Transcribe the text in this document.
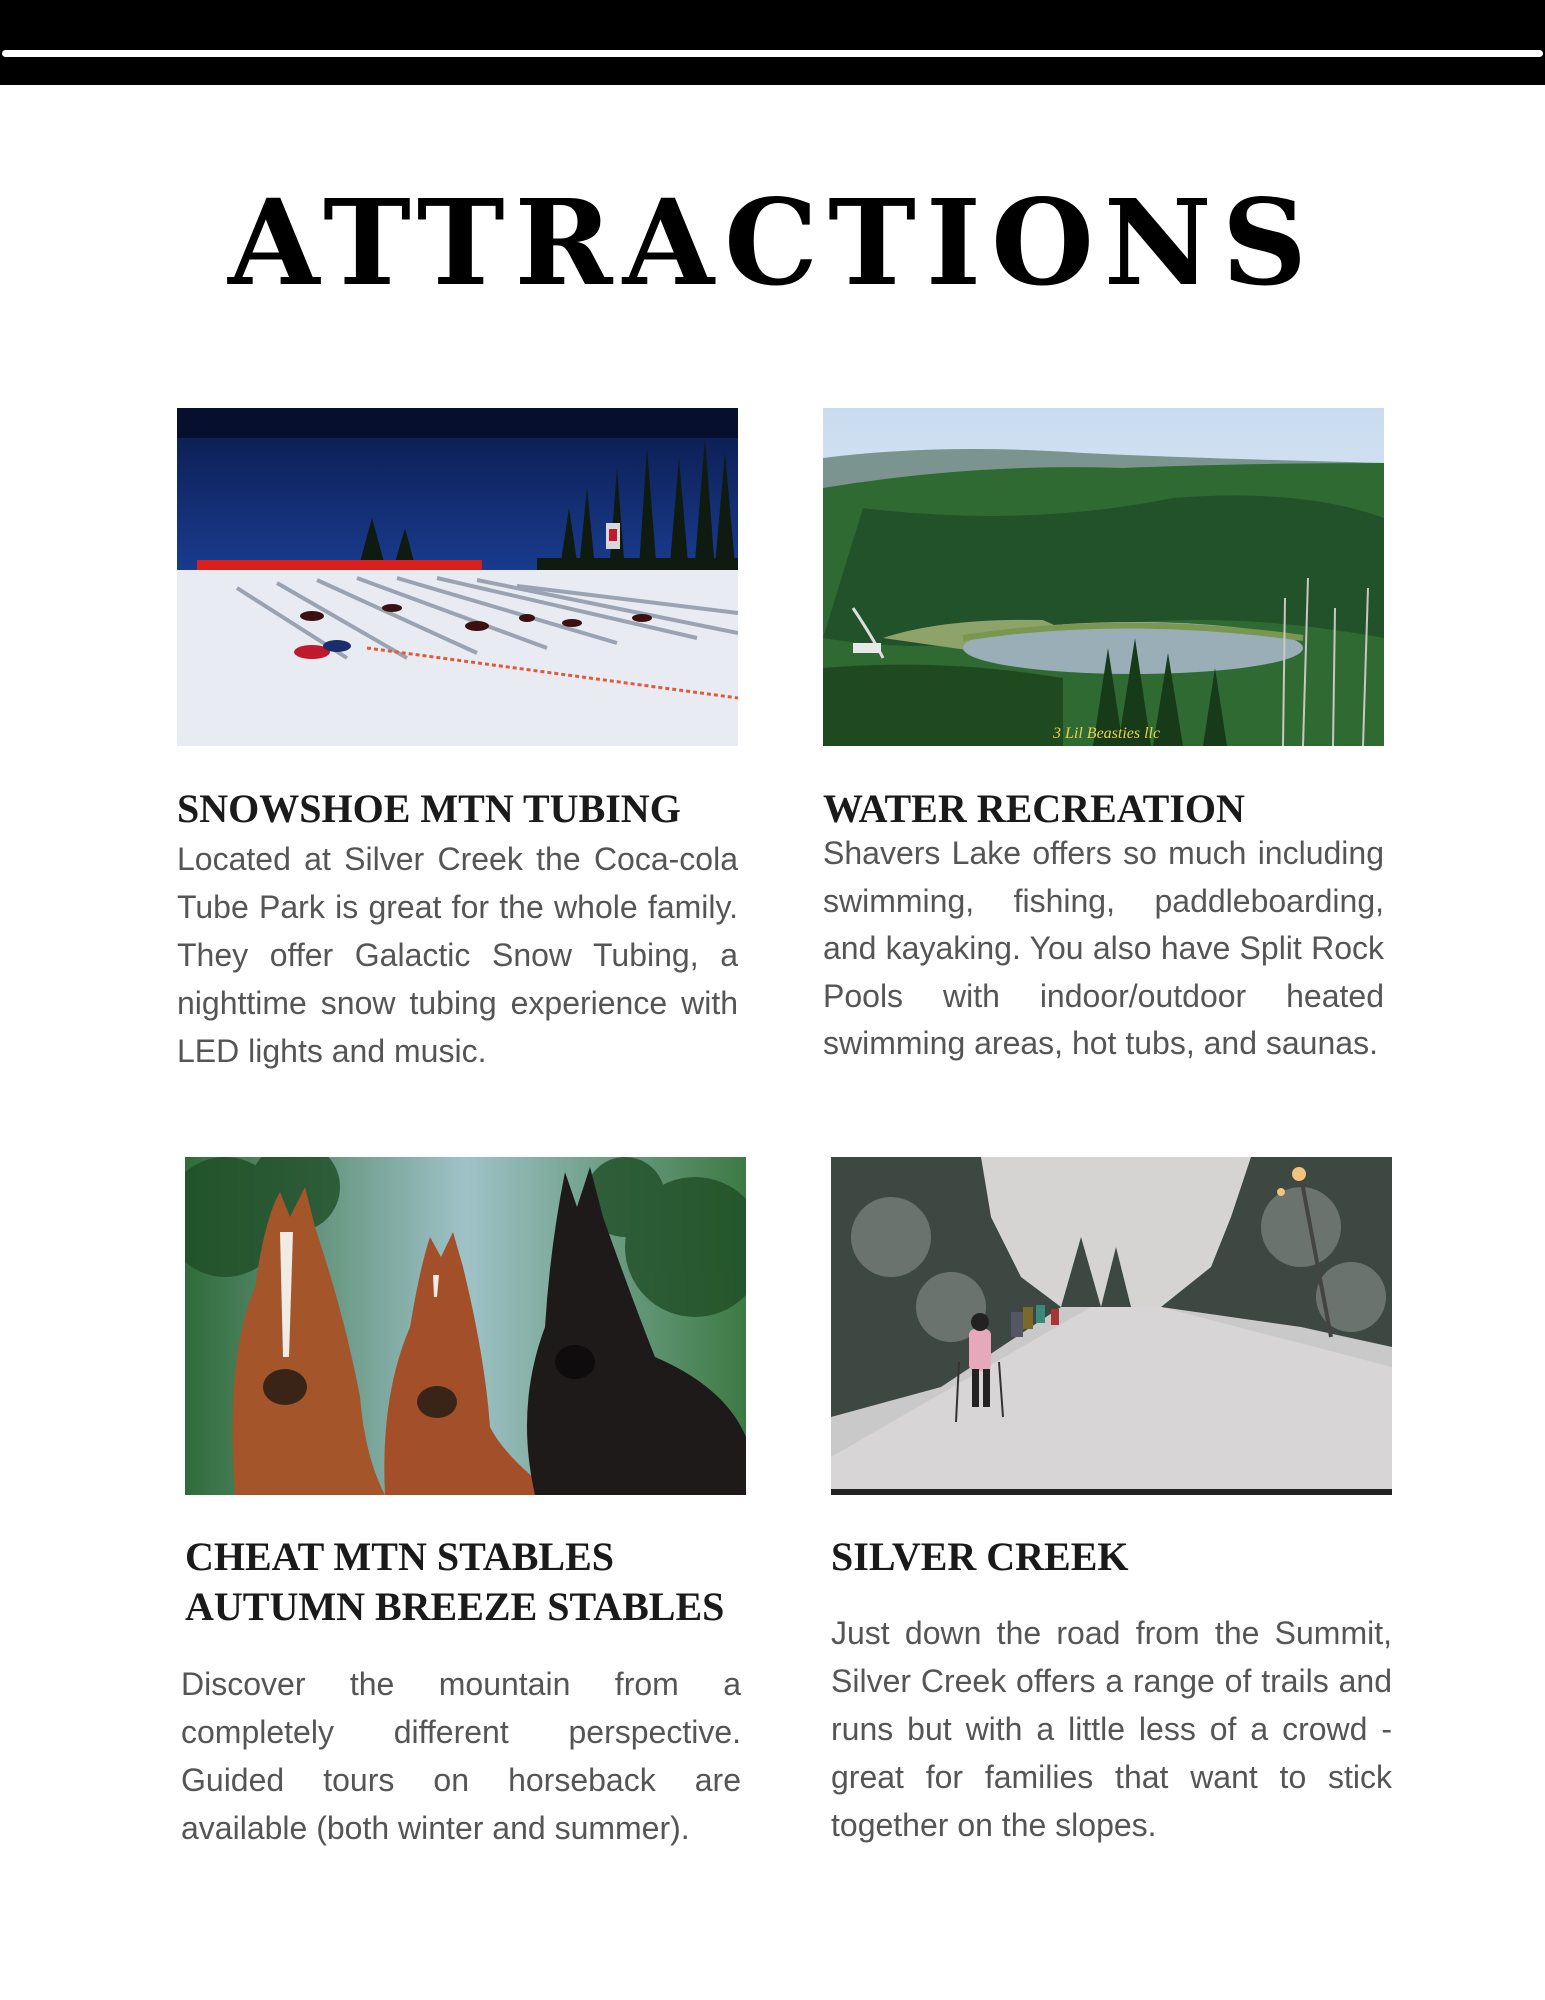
ATTRACTIONS
SNOWSHOE MTN TUBING

Located at Silver Creek the Coca-cola Tube Park is great for the whole family. They offer Galactic Snow Tubing, a nighttime snow tubing experience with LED lights and music.

3 Lil Beasties llc
WATER RECREATION

Shavers Lake offers so much including swimming, fishing, paddleboarding, and kayaking. You also have Split Rock Pools with indoor/outdoor heated swimming areas, hot tubs, and saunas.

CHEAT MTN STABLES
AUTUMN BREEZE STABLES

Discover the mountain from a completely different perspective. Guided tours on horseback are available (both winter and summer).

SILVER CREEK

Just down the road from the Summit, Silver Creek offers a range of trails and runs but with a little less of a crowd - great for families that want to stick together on the slopes.
